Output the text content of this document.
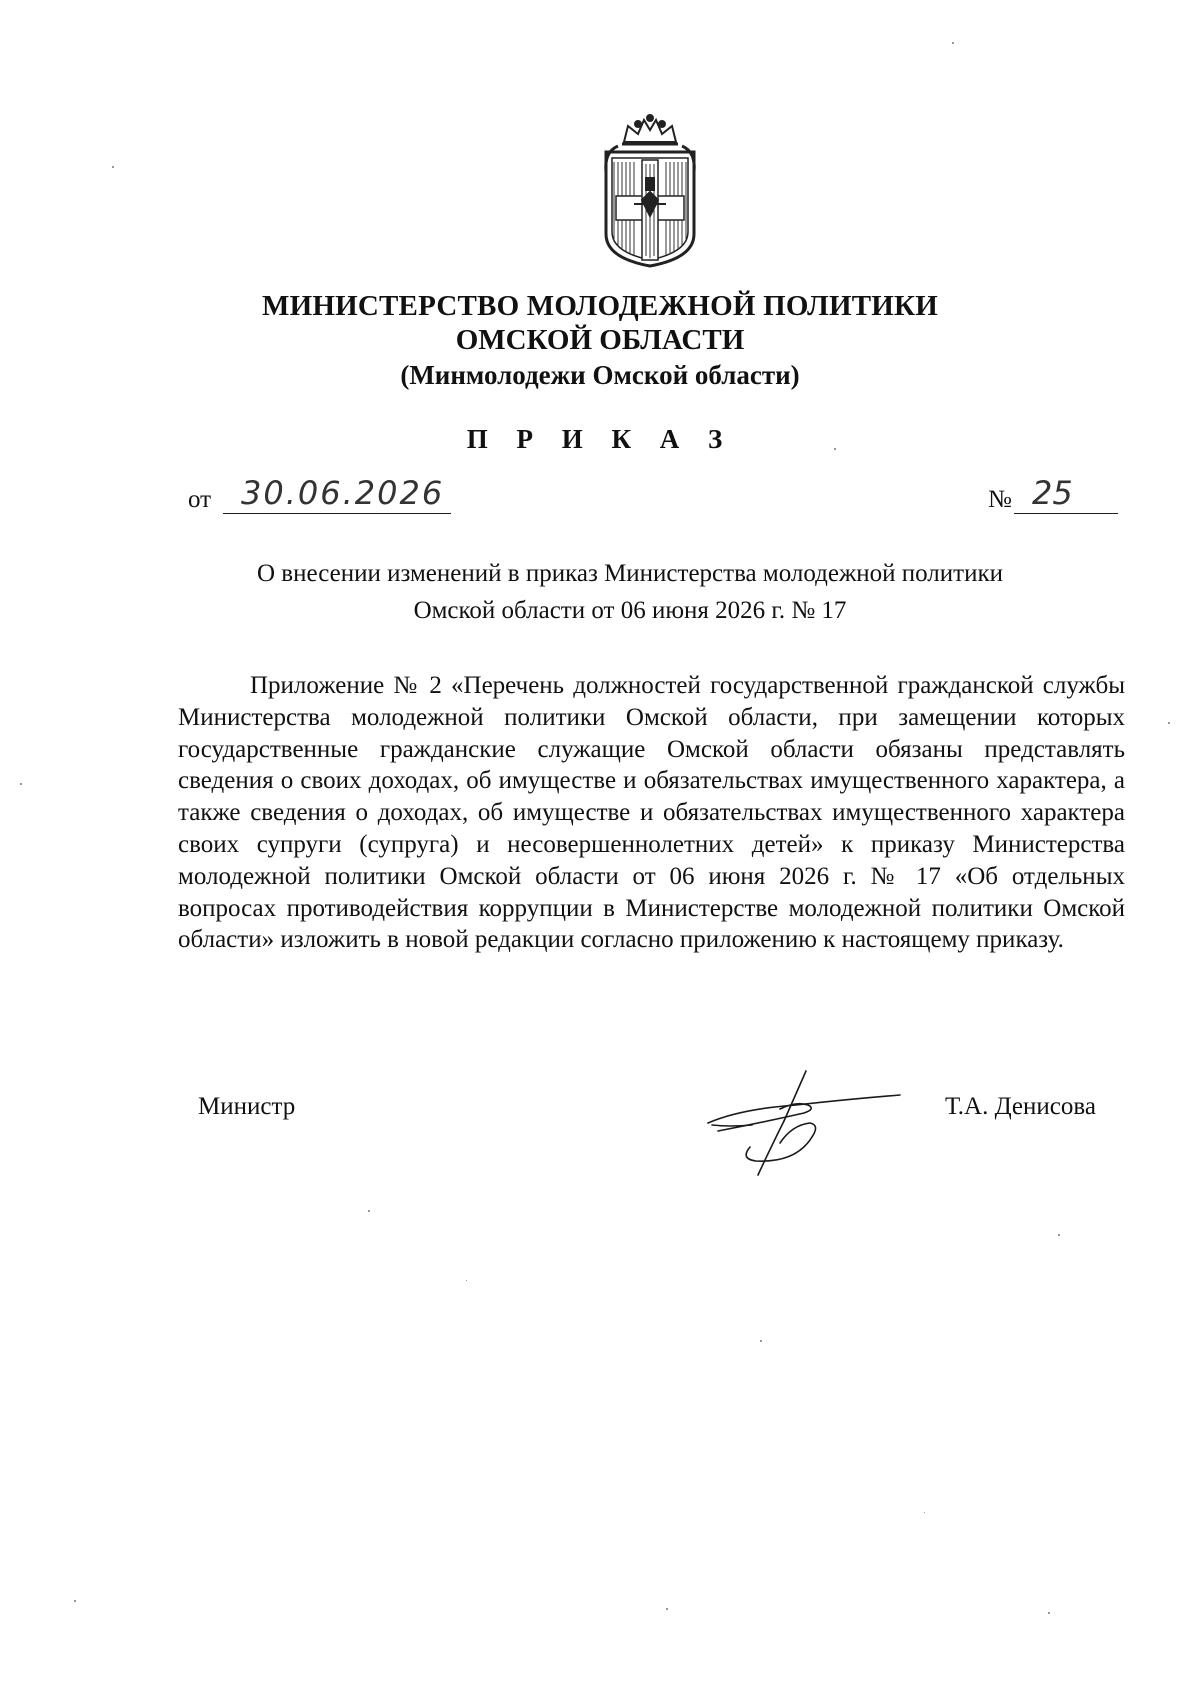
МИНИСТЕРСТВО МОЛОДЕЖНОЙ ПОЛИТИКИ
ОМСКОЙ ОБЛАСТИ
(Минмолодежи Омской области)
П Р И К А З
от 30.06.2026	№ 25
О внесении изменений в приказ Министерства молодежной политики
Омской области от 06 июня 2026 г. № 17
Приложение № 2 «Перечень должностей государственной гражданской службы Министерства молодежной политики Омской области, при замещении которых государственные гражданские служащие Омской области обязаны представлять сведения о своих доходах, об имуществе и обязательствах имущественного характера, а также сведения о доходах, об имуществе и обязательствах имущественного характера своих супруги (супруга) и несовершеннолетних детей» к приказу Министерства молодежной политики Омской области от 06 июня 2026 г. № 17 «Об отдельных вопросах противодействия коррупции в Министерстве молодежной политики Омской области» изложить в новой редакции согласно приложению к настоящему приказу.
Министр	Т.А. Денисова
